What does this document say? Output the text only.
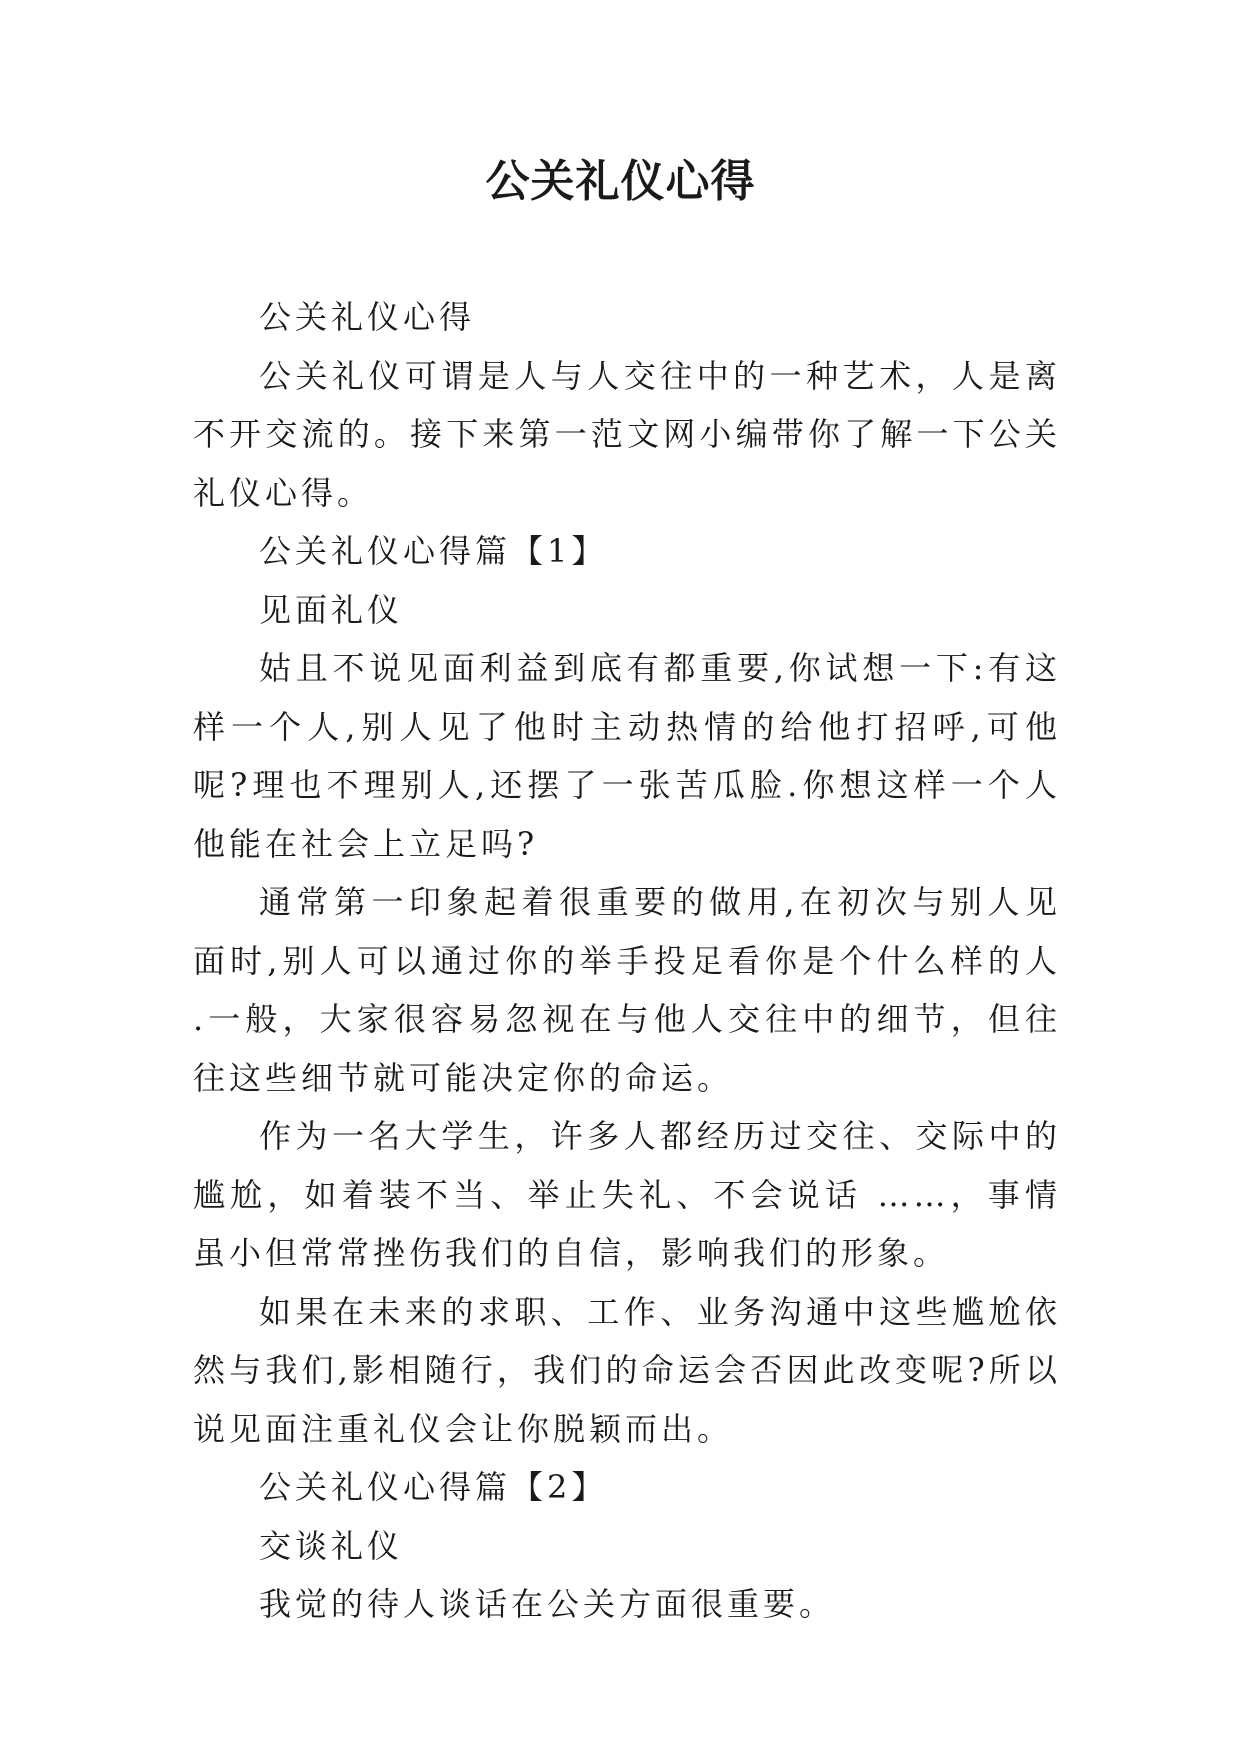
公关礼仪心得

公关礼仪心得

公关礼仪可谓是人与人交往中的一种艺术，人是离不开交流的。接下来第一范文网小编带你了解一下公关礼仪心得。

公关礼仪心得篇【1】

见面礼仪

姑且不说见面利益到底有都重要,你试想一下:有这样一个人,别人见了他时主动热情的给他打招呼,可他呢?理也不理别人,还摆了一张苦瓜脸.你想这样一个人他能在社会上立足吗?

通常第一印象起着很重要的做用,在初次与别人见面时,别人可以通过你的举手投足看你是个什么样的人 .一般，大家很容易忽视在与他人交往中的细节，但往往这些细节就可能决定你的命运。

作为一名大学生，许多人都经历过交往、交际中的尴尬，如着装不当、举止失礼、不会说话 ……，事情虽小但常常挫伤我们的自信，影响我们的形象。

如果在未来的求职、工作、业务沟通中这些尴尬依然与我们,影相随行，我们的命运会否因此改变呢?所以说见面注重礼仪会让你脱颖而出。

公关礼仪心得篇【2】

交谈礼仪

我觉的待人谈话在公关方面很重要。
